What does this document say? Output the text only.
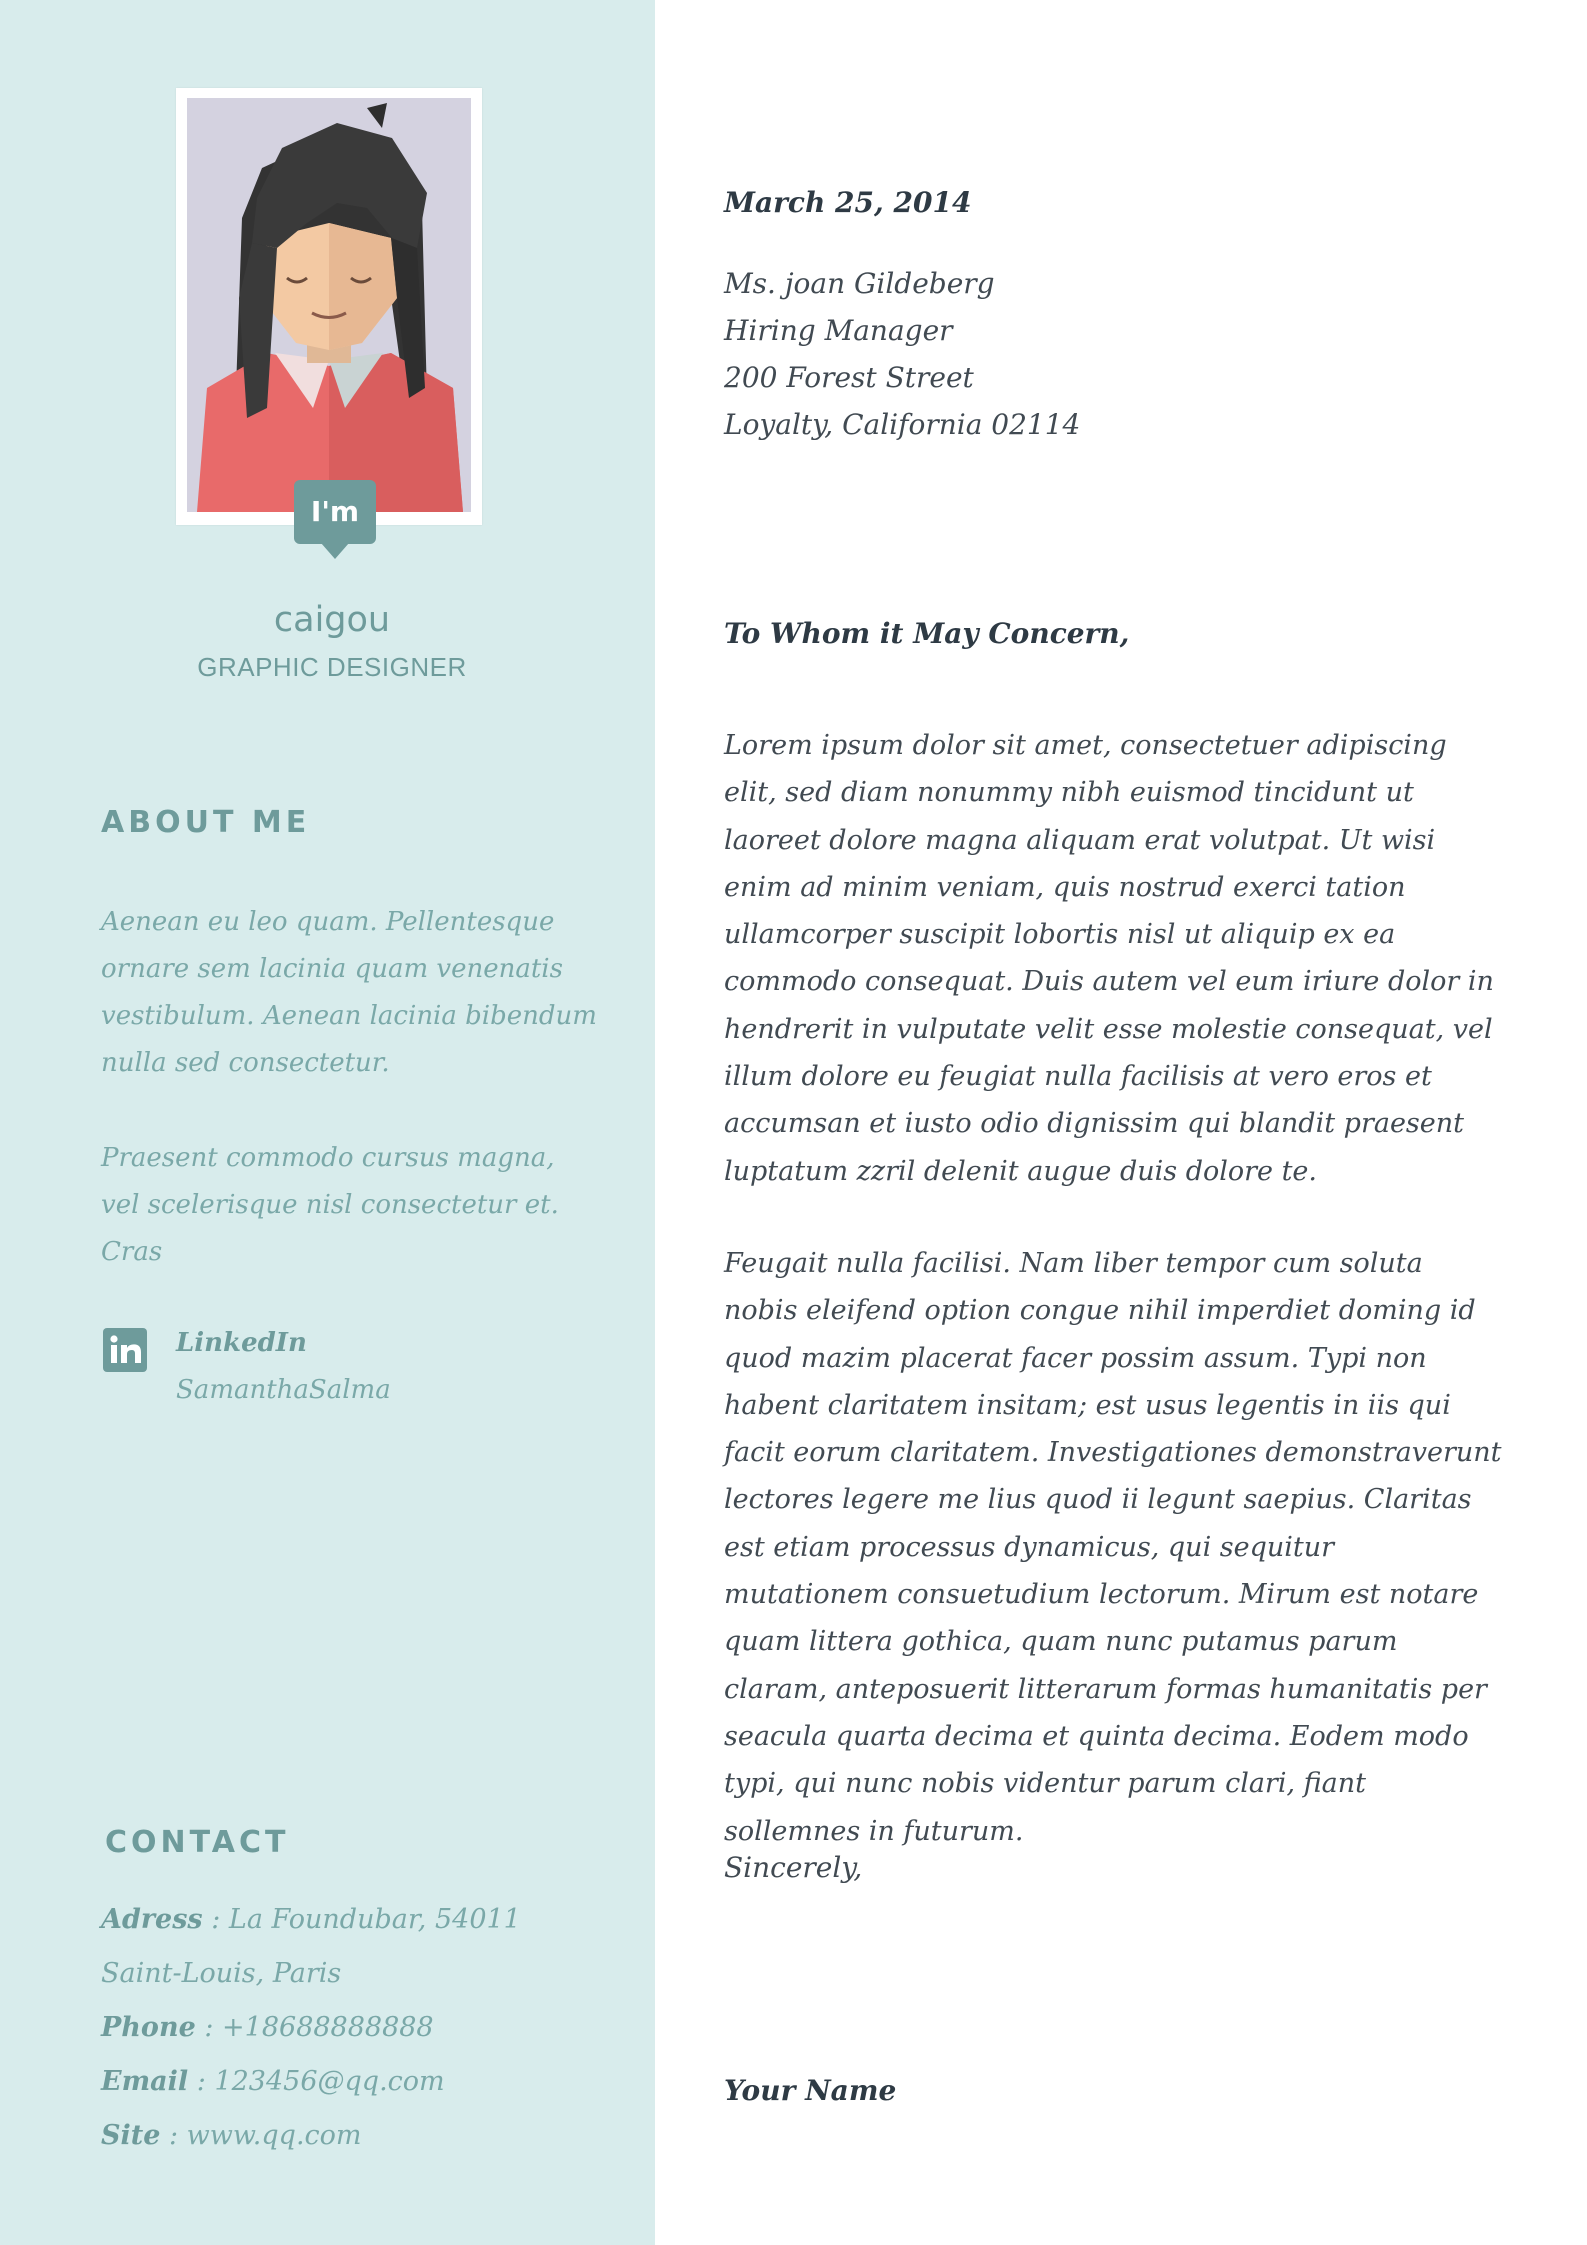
I'm
caigou
GRAPHIC DESIGNER
ABOUT ME

Aenean eu leo quam. Pellentesque ornare sem lacinia quam venenatis vestibulum. Aenean lacinia bibendum nulla sed consectetur.

Praesent commodo cursus magna, vel scelerisque nisl consectetur et. Cras

LinkedIn
SamanthaSalma
CONTACT
Adress : La Foundubar, 54011
Saint-Louis, Paris
Phone : +18688888888
Email : 123456@qq.com
Site : www.qq.com
March 25, 2014
Ms. joan Gildeberg
Hiring Manager
200 Forest Street
Loyalty, California 02114
To Whom it May Concern,

Lorem ipsum dolor sit amet, consectetuer adipiscing elit, sed diam nonummy nibh euismod tincidunt ut laoreet dolore magna aliquam erat volutpat. Ut wisi enim ad minim veniam, quis nostrud exerci tation ullamcorper suscipit lobortis nisl ut aliquip ex ea commodo consequat. Duis autem vel eum iriure dolor in hendrerit in vulputate velit esse molestie consequat, vel illum dolore eu feugiat nulla facilisis at vero eros et accumsan et iusto odio dignissim qui blandit praesent luptatum zzril delenit augue duis dolore te.

Feugait nulla facilisi. Nam liber tempor cum soluta nobis eleifend option congue nihil imperdiet doming id quod mazim placerat facer possim assum. Typi non habent claritatem insitam; est usus legentis in iis qui facit eorum claritatem. Investigationes demonstraverunt lectores legere me lius quod ii legunt saepius. Claritas est etiam processus dynamicus, qui sequitur mutationem consuetudium lectorum. Mirum est notare quam littera gothica, quam nunc putamus parum claram, anteposuerit litterarum formas humanitatis per seacula quarta decima et quinta decima. Eodem modo typi, qui nunc nobis videntur parum clari, fiant sollemnes in futurum.

Sincerely,
Your Name
